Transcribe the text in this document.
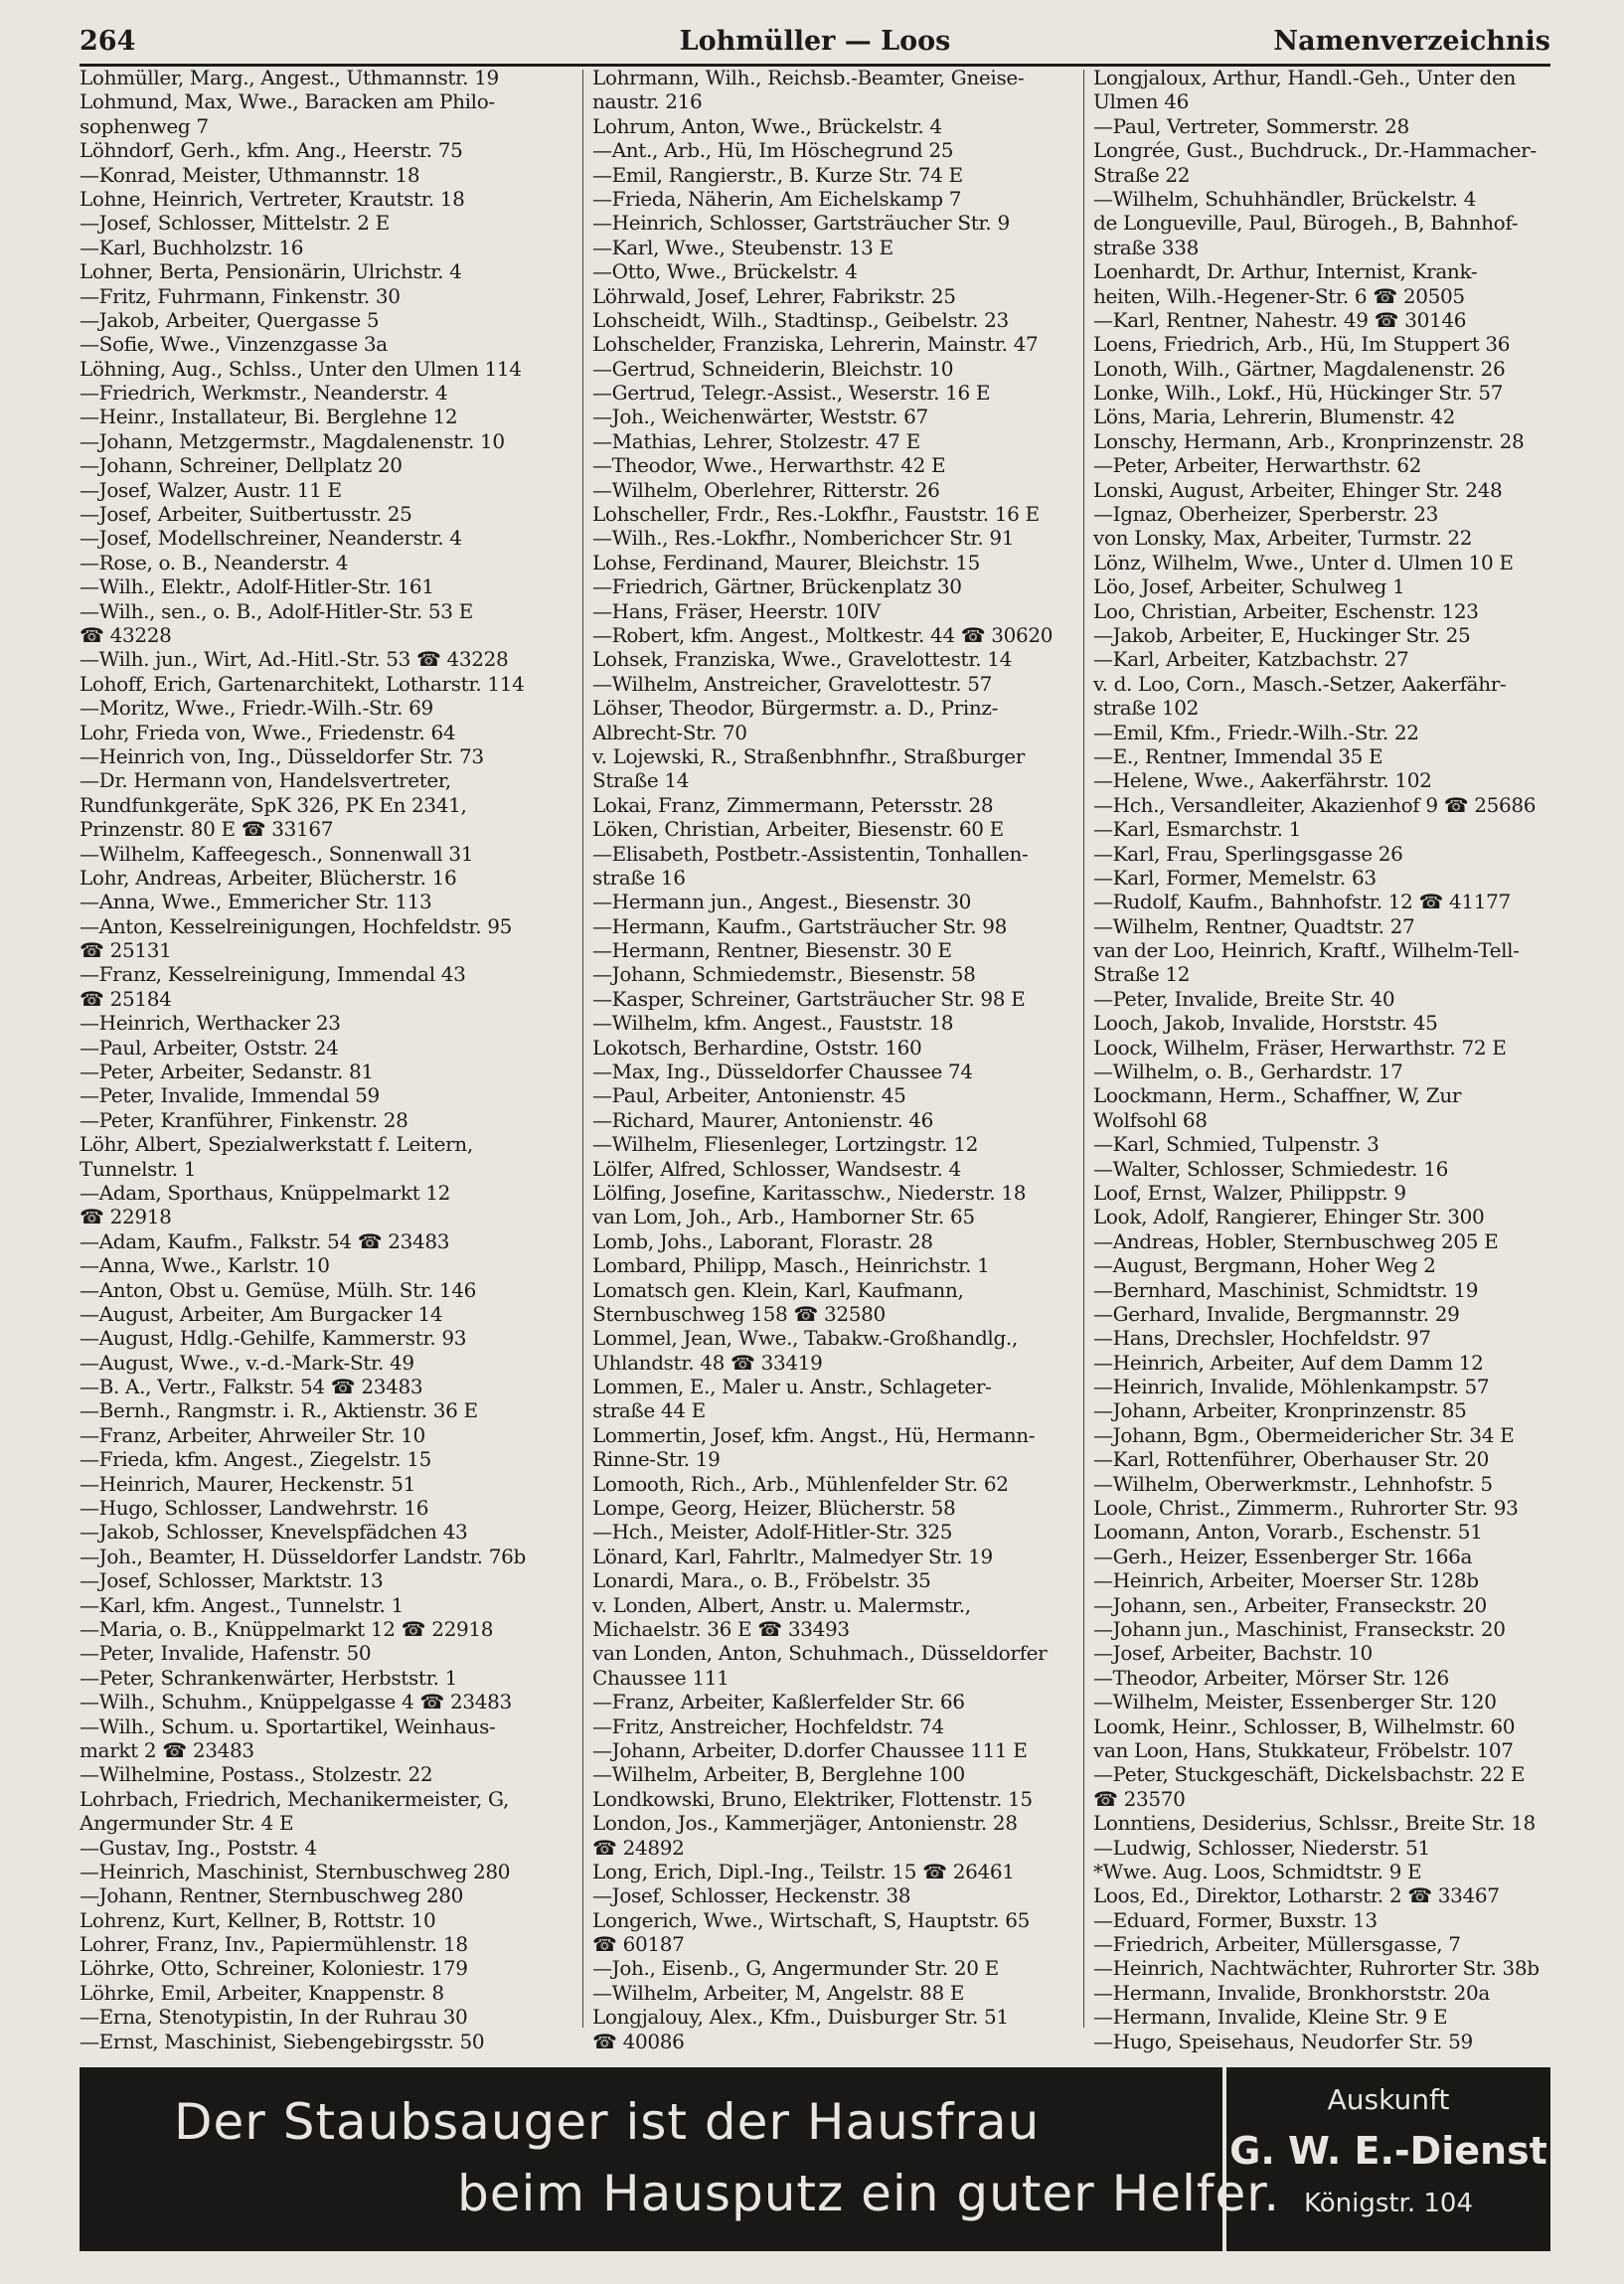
Lohmüller — Loos
264	Namenverzeichnis
Lohmüller, Marg., Angest., Uthmannstr. 19
Lohmund, Max, Wwe., Baracken am Philo-
sophenweg 7
Löhndorf, Gerh., kfm. Ang., Heerstr. 75
—Konrad, Meister, Uthmannstr. 18
Lohne, Heinrich, Vertreter, Krautstr. 18
—Josef, Schlosser, Mittelstr. 2 E
—Karl, Buchholzstr. 16
Lohner, Berta, Pensionärin, Ulrichstr. 4
—Fritz, Fuhrmann, Finkenstr. 30
—Jakob, Arbeiter, Quergasse 5
—Sofie, Wwe., Vinzenzgasse 3a
Löhning, Aug., Schlss., Unter den Ulmen 114
—Friedrich, Werkmstr., Neanderstr. 4
—Heinr., Installateur, Bi. Berglehne 12
—Johann, Metzgermstr., Magdalenenstr. 10
—Johann, Schreiner, Dellplatz 20
—Josef, Walzer, Austr. 11 E
—Josef, Arbeiter, Suitbertusstr. 25
—Josef, Modellschreiner, Neanderstr. 4
—Rose, o. B., Neanderstr. 4
—Wilh., Elektr., Adolf-Hitler-Str. 161
—Wilh., sen., o. B., Adolf-Hitler-Str. 53 E
☎ 43228
—Wilh. jun., Wirt, Ad.-Hitl.-Str. 53 ☎ 43228
Lohoff, Erich, Gartenarchitekt, Lotharstr. 114
—Moritz, Wwe., Friedr.-Wilh.-Str. 69
Lohr, Frieda von, Wwe., Friedenstr. 64
—Heinrich von, Ing., Düsseldorfer Str. 73
—Dr. Hermann von, Handelsvertreter,
Rundfunkgeräte, SpK 326, PK En 2341,
Prinzenstr. 80 E ☎ 33167
—Wilhelm, Kaffeegesch., Sonnenwall 31
Lohr, Andreas, Arbeiter, Blücherstr. 16
—Anna, Wwe., Emmericher Str. 113
—Anton, Kesselreinigungen, Hochfeldstr. 95
☎ 25131
—Franz, Kesselreinigung, Immendal 43
☎ 25184
—Heinrich, Werthacker 23
—Paul, Arbeiter, Oststr. 24
—Peter, Arbeiter, Sedanstr. 81
—Peter, Invalide, Immendal 59
—Peter, Kranführer, Finkenstr. 28
Löhr, Albert, Spezialwerkstatt f. Leitern,
Tunnelstr. 1
—Adam, Sporthaus, Knüppelmarkt 12
☎ 22918
—Adam, Kaufm., Falkstr. 54 ☎ 23483
—Anna, Wwe., Karlstr. 10
—Anton, Obst u. Gemüse, Mülh. Str. 146
—August, Arbeiter, Am Burgacker 14
—August, Hdlg.-Gehilfe, Kammerstr. 93
—August, Wwe., v.-d.-Mark-Str. 49
—B. A., Vertr., Falkstr. 54 ☎ 23483
—Bernh., Rangmstr. i. R., Aktienstr. 36 E
—Franz, Arbeiter, Ahrweiler Str. 10
—Frieda, kfm. Angest., Ziegelstr. 15
—Heinrich, Maurer, Heckenstr. 51
—Hugo, Schlosser, Landwehrstr. 16
—Jakob, Schlosser, Knevelspfädchen 43
—Joh., Beamter, H. Düsseldorfer Landstr. 76b
—Josef, Schlosser, Marktstr. 13
—Karl, kfm. Angest., Tunnelstr. 1
—Maria, o. B., Knüppelmarkt 12 ☎ 22918
—Peter, Invalide, Hafenstr. 50
—Peter, Schrankenwärter, Herbststr. 1
—Wilh., Schuhm., Knüppelgasse 4 ☎ 23483
—Wilh., Schum. u. Sportartikel, Weinhaus-
markt 2 ☎ 23483
—Wilhelmine, Postass., Stolzestr. 22
Lohrbach, Friedrich, Mechanikermeister, G,
Angermunder Str. 4 E
—Gustav, Ing., Poststr. 4
—Heinrich, Maschinist, Sternbuschweg 280
—Johann, Rentner, Sternbuschweg 280
Lohrenz, Kurt, Kellner, B, Rottstr. 10
Lohrer, Franz, Inv., Papiermühlenstr. 18
Löhrke, Otto, Schreiner, Koloniestr. 179
Löhrke, Emil, Arbeiter, Knappenstr. 8
—Erna, Stenotypistin, In der Ruhrau 30
—Ernst, Maschinist, Siebengebirgsstr. 50
Lohrmann, Wilh., Reichsb.-Beamter, Gneise-
naustr. 216
Lohrum, Anton, Wwe., Brückelstr. 4
—Ant., Arb., Hü, Im Höschegrund 25
—Emil, Rangierstr., B. Kurze Str. 74 E
—Frieda, Näherin, Am Eichelskamp 7
—Heinrich, Schlosser, Gartsträucher Str. 9
—Karl, Wwe., Steubenstr. 13 E
—Otto, Wwe., Brückelstr. 4
Löhrwald, Josef, Lehrer, Fabrikstr. 25
Lohscheidt, Wilh., Stadtinsp., Geibelstr. 23
Lohschelder, Franziska, Lehrerin, Mainstr. 47
—Gertrud, Schneiderin, Bleichstr. 10
—Gertrud, Telegr.-Assist., Weserstr. 16 E
—Joh., Weichenwärter, Weststr. 67
—Mathias, Lehrer, Stolzestr. 47 E
—Theodor, Wwe., Herwarthstr. 42 E
—Wilhelm, Oberlehrer, Ritterstr. 26
Lohscheller, Frdr., Res.-Lokfhr., Fauststr. 16 E
—Wilh., Res.-Lokfhr., Nomberichcer Str. 91
Lohse, Ferdinand, Maurer, Bleichstr. 15
—Friedrich, Gärtner, Brückenplatz 30
—Hans, Fräser, Heerstr. 10IV
—Robert, kfm. Angest., Moltkestr. 44 ☎ 30620
Lohsek, Franziska, Wwe., Gravelottestr. 14
—Wilhelm, Anstreicher, Gravelottestr. 57
Löhser, Theodor, Bürgermstr. a. D., Prinz-
Albrecht-Str. 70
v. Lojewski, R., Straßenbhnfhr., Straßburger
Straße 14
Lokai, Franz, Zimmermann, Petersstr. 28
Löken, Christian, Arbeiter, Biesenstr. 60 E
—Elisabeth, Postbetr.-Assistentin, Tonhallen-
straße 16
—Hermann jun., Angest., Biesenstr. 30
—Hermann, Kaufm., Gartsträucher Str. 98
—Hermann, Rentner, Biesenstr. 30 E
—Johann, Schmiedemstr., Biesenstr. 58
—Kasper, Schreiner, Gartsträucher Str. 98 E
—Wilhelm, kfm. Angest., Fauststr. 18
Lokotsch, Berhardine, Oststr. 160
—Max, Ing., Düsseldorfer Chaussee 74
—Paul, Arbeiter, Antonienstr. 45
—Richard, Maurer, Antonienstr. 46
—Wilhelm, Fliesenleger, Lortzingstr. 12
Lölfer, Alfred, Schlosser, Wandsestr. 4
Lölfing, Josefine, Karitasschw., Niederstr. 18
van Lom, Joh., Arb., Hamborner Str. 65
Lomb, Johs., Laborant, Florastr. 28
Lombard, Philipp, Masch., Heinrichstr. 1
Lomatsch gen. Klein, Karl, Kaufmann,
Sternbuschweg 158 ☎ 32580
Lommel, Jean, Wwe., Tabakw.-Großhandlg.,
Uhlandstr. 48 ☎ 33419
Lommen, E., Maler u. Anstr., Schlageter-
straße 44 E
Lommertin, Josef, kfm. Angst., Hü, Hermann-
Rinne-Str. 19
Lomooth, Rich., Arb., Mühlenfelder Str. 62
Lompe, Georg, Heizer, Blücherstr. 58
—Hch., Meister, Adolf-Hitler-Str. 325
Lönard, Karl, Fahrltr., Malmedyer Str. 19
Lonardi, Mara., o. B., Fröbelstr. 35
v. Londen, Albert, Anstr. u. Malermstr.,
Michaelstr. 36 E ☎ 33493
van Londen, Anton, Schuhmach., Düsseldorfer
Chaussee 111
—Franz, Arbeiter, Kaßlerfelder Str. 66
—Fritz, Anstreicher, Hochfeldstr. 74
—Johann, Arbeiter, D.dorfer Chaussee 111 E
—Wilhelm, Arbeiter, B, Berglehne 100
Londkowski, Bruno, Elektriker, Flottenstr. 15
London, Jos., Kammerjäger, Antonienstr. 28
☎ 24892
Long, Erich, Dipl.-Ing., Teilstr. 15 ☎ 26461
—Josef, Schlosser, Heckenstr. 38
Longerich, Wwe., Wirtschaft, S, Hauptstr. 65
☎ 60187
—Joh., Eisenb., G, Angermunder Str. 20 E
—Wilhelm, Arbeiter, M, Angelstr. 88 E
Longjalouy, Alex., Kfm., Duisburger Str. 51
☎ 40086
Longjaloux, Arthur, Handl.-Geh., Unter den
Ulmen 46
—Paul, Vertreter, Sommerstr. 28
Longrée, Gust., Buchdruck., Dr.-Hammacher-
Straße 22
—Wilhelm, Schuhhändler, Brückelstr. 4
de Longueville, Paul, Bürogeh., B, Bahnhof-
straße 338
Loenhardt, Dr. Arthur, Internist, Krank-
heiten, Wilh.-Hegener-Str. 6 ☎ 20505
—Karl, Rentner, Nahestr. 49 ☎ 30146
Loens, Friedrich, Arb., Hü, Im Stuppert 36
Lonoth, Wilh., Gärtner, Magdalenenstr. 26
Lonke, Wilh., Lokf., Hü, Hückinger Str. 57
Löns, Maria, Lehrerin, Blumenstr. 42
Lonschy, Hermann, Arb., Kronprinzenstr. 28
—Peter, Arbeiter, Herwarthstr. 62
Lonski, August, Arbeiter, Ehinger Str. 248
—Ignaz, Oberheizer, Sperberstr. 23
von Lonsky, Max, Arbeiter, Turmstr. 22
Lönz, Wilhelm, Wwe., Unter d. Ulmen 10 E
Löo, Josef, Arbeiter, Schulweg 1
Loo, Christian, Arbeiter, Eschenstr. 123
—Jakob, Arbeiter, E, Huckinger Str. 25
—Karl, Arbeiter, Katzbachstr. 27
v. d. Loo, Corn., Masch.-Setzer, Aakerfähr-
straße 102
—Emil, Kfm., Friedr.-Wilh.-Str. 22
—E., Rentner, Immendal 35 E
—Helene, Wwe., Aakerfährstr. 102
—Hch., Versandleiter, Akazienhof 9 ☎ 25686
—Karl, Esmarchstr. 1
—Karl, Frau, Sperlingsgasse 26
—Karl, Former, Memelstr. 63
—Rudolf, Kaufm., Bahnhofstr. 12 ☎ 41177
—Wilhelm, Rentner, Quadtstr. 27
van der Loo, Heinrich, Kraftf., Wilhelm-Tell-
Straße 12
—Peter, Invalide, Breite Str. 40
Looch, Jakob, Invalide, Horststr. 45
Loock, Wilhelm, Fräser, Herwarthstr. 72 E
—Wilhelm, o. B., Gerhardstr. 17
Loockmann, Herm., Schaffner, W, Zur
Wolfsohl 68
—Karl, Schmied, Tulpenstr. 3
—Walter, Schlosser, Schmiedestr. 16
Loof, Ernst, Walzer, Philippstr. 9
Look, Adolf, Rangierer, Ehinger Str. 300
—Andreas, Hobler, Sternbuschweg 205 E
—August, Bergmann, Hoher Weg 2
—Bernhard, Maschinist, Schmidtstr. 19
—Gerhard, Invalide, Bergmannstr. 29
—Hans, Drechsler, Hochfeldstr. 97
—Heinrich, Arbeiter, Auf dem Damm 12
—Heinrich, Invalide, Möhlenkampstr. 57
—Johann, Arbeiter, Kronprinzenstr. 85
—Johann, Bgm., Obermeidericher Str. 34 E
—Karl, Rottenführer, Oberhauser Str. 20
—Wilhelm, Oberwerkmstr., Lehnhofstr. 5
Loole, Christ., Zimmerm., Ruhrorter Str. 93
Loomann, Anton, Vorarb., Eschenstr. 51
—Gerh., Heizer, Essenberger Str. 166a
—Heinrich, Arbeiter, Moerser Str. 128b
—Johann, sen., Arbeiter, Franseckstr. 20
—Johann jun., Maschinist, Franseckstr. 20
—Josef, Arbeiter, Bachstr. 10
—Theodor, Arbeiter, Mörser Str. 126
—Wilhelm, Meister, Essenberger Str. 120
Loomk, Heinr., Schlosser, B, Wilhelmstr. 60
van Loon, Hans, Stukkateur, Fröbelstr. 107
—Peter, Stuckgeschäft, Dickelsbachstr. 22 E
☎ 23570
Lonntiens, Desiderius, Schlssr., Breite Str. 18
—Ludwig, Schlosser, Niederstr. 51
*Wwe. Aug. Loos, Schmidtstr. 9 E
Loos, Ed., Direktor, Lotharstr. 2 ☎ 33467
—Eduard, Former, Buxstr. 13
—Friedrich, Arbeiter, Müllersgasse, 7
—Heinrich, Nachtwächter, Ruhrorter Str. 38b
—Hermann, Invalide, Bronkhorststr. 20a
—Hermann, Invalide, Kleine Str. 9 E
—Hugo, Speisehaus, Neudorfer Str. 59
Der Staubsauger ist der Hausfrau
beim Hausputz ein guter Helfer.
Auskunft
G. W. E.-Dienst
Königstr. 104
